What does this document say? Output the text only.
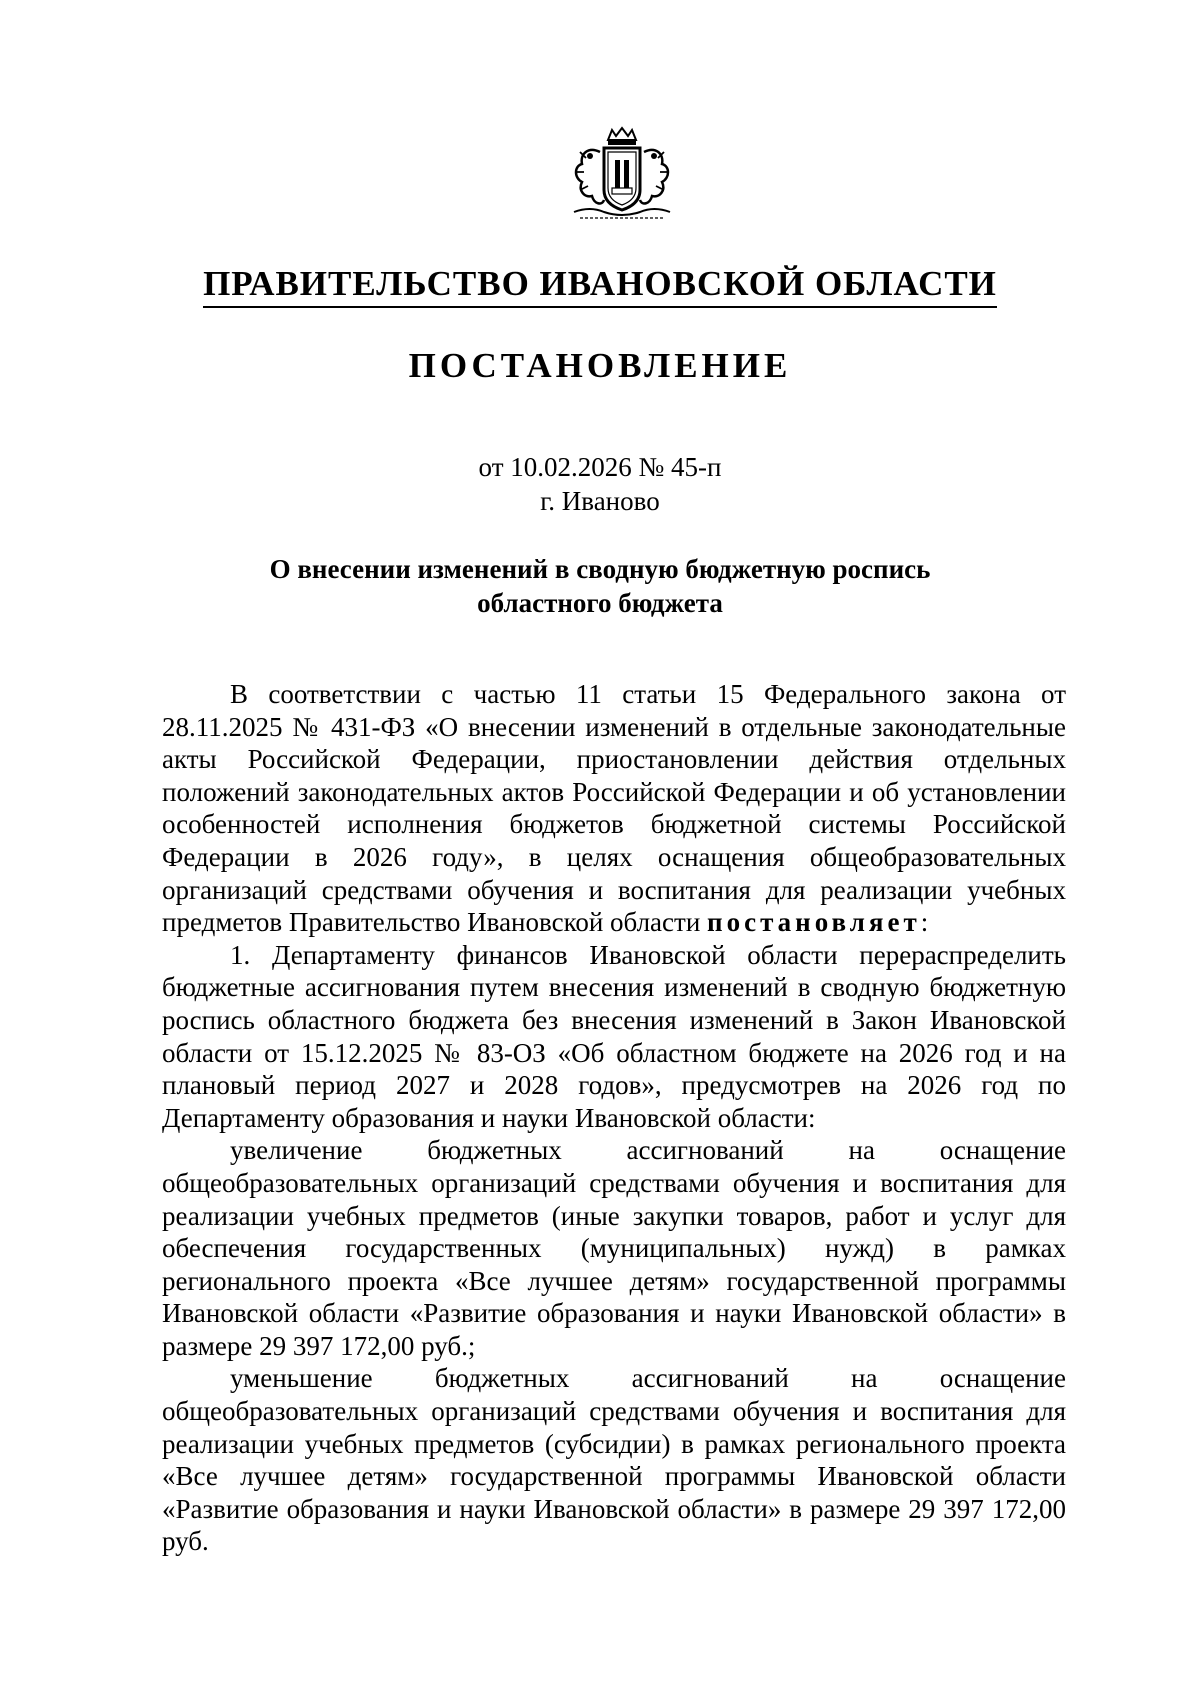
ПРАВИТЕЛЬСТВО ИВАНОВСКОЙ ОБЛАСТИ
ПОСТАНОВЛЕНИЕ
от 10.02.2026 № 45-п
г. Иваново
О внесении изменений в сводную бюджетную роспись
областного бюджета

В соответствии с частью 11 статьи 15 Федерального закона от 28.11.2025 № 431-ФЗ «О внесении изменений в отдельные законодательные акты Российской Федерации, приостановлении действия отдельных положений законодательных актов Российской Федерации и об установлении особенностей исполнения бюджетов бюджетной системы Российской Федерации в 2026 году», в целях оснащения общеобразовательных организаций средствами обучения и воспитания для реализации учебных предметов Правительство Ивановской области постановляет:

1. Департаменту финансов Ивановской области перераспределить бюджетные ассигнования путем внесения изменений в сводную бюджетную роспись областного бюджета без внесения изменений в Закон Ивановской области от 15.12.2025 № 83-ОЗ «Об областном бюджете на 2026 год и на плановый период 2027 и 2028 годов», предусмотрев на 2026 год по Департаменту образования и науки Ивановской области:

увеличение бюджетных ассигнований на оснащение общеобразовательных организаций средствами обучения и воспитания для реализации учебных предметов (иные закупки товаров, работ и услуг для обеспечения государственных (муниципальных) нужд) в рамках регионального проекта «Все лучшее детям» государственной программы Ивановской области «Развитие образования и науки Ивановской области» в размере 29 397 172,00 руб.;

уменьшение бюджетных ассигнований на оснащение общеобразовательных организаций средствами обучения и воспитания для реализации учебных предметов (субсидии) в рамках регионального проекта «Все лучшее детям» государственной программы Ивановской области «Развитие образования и науки Ивановской области» в размере 29 397 172,00 руб.
